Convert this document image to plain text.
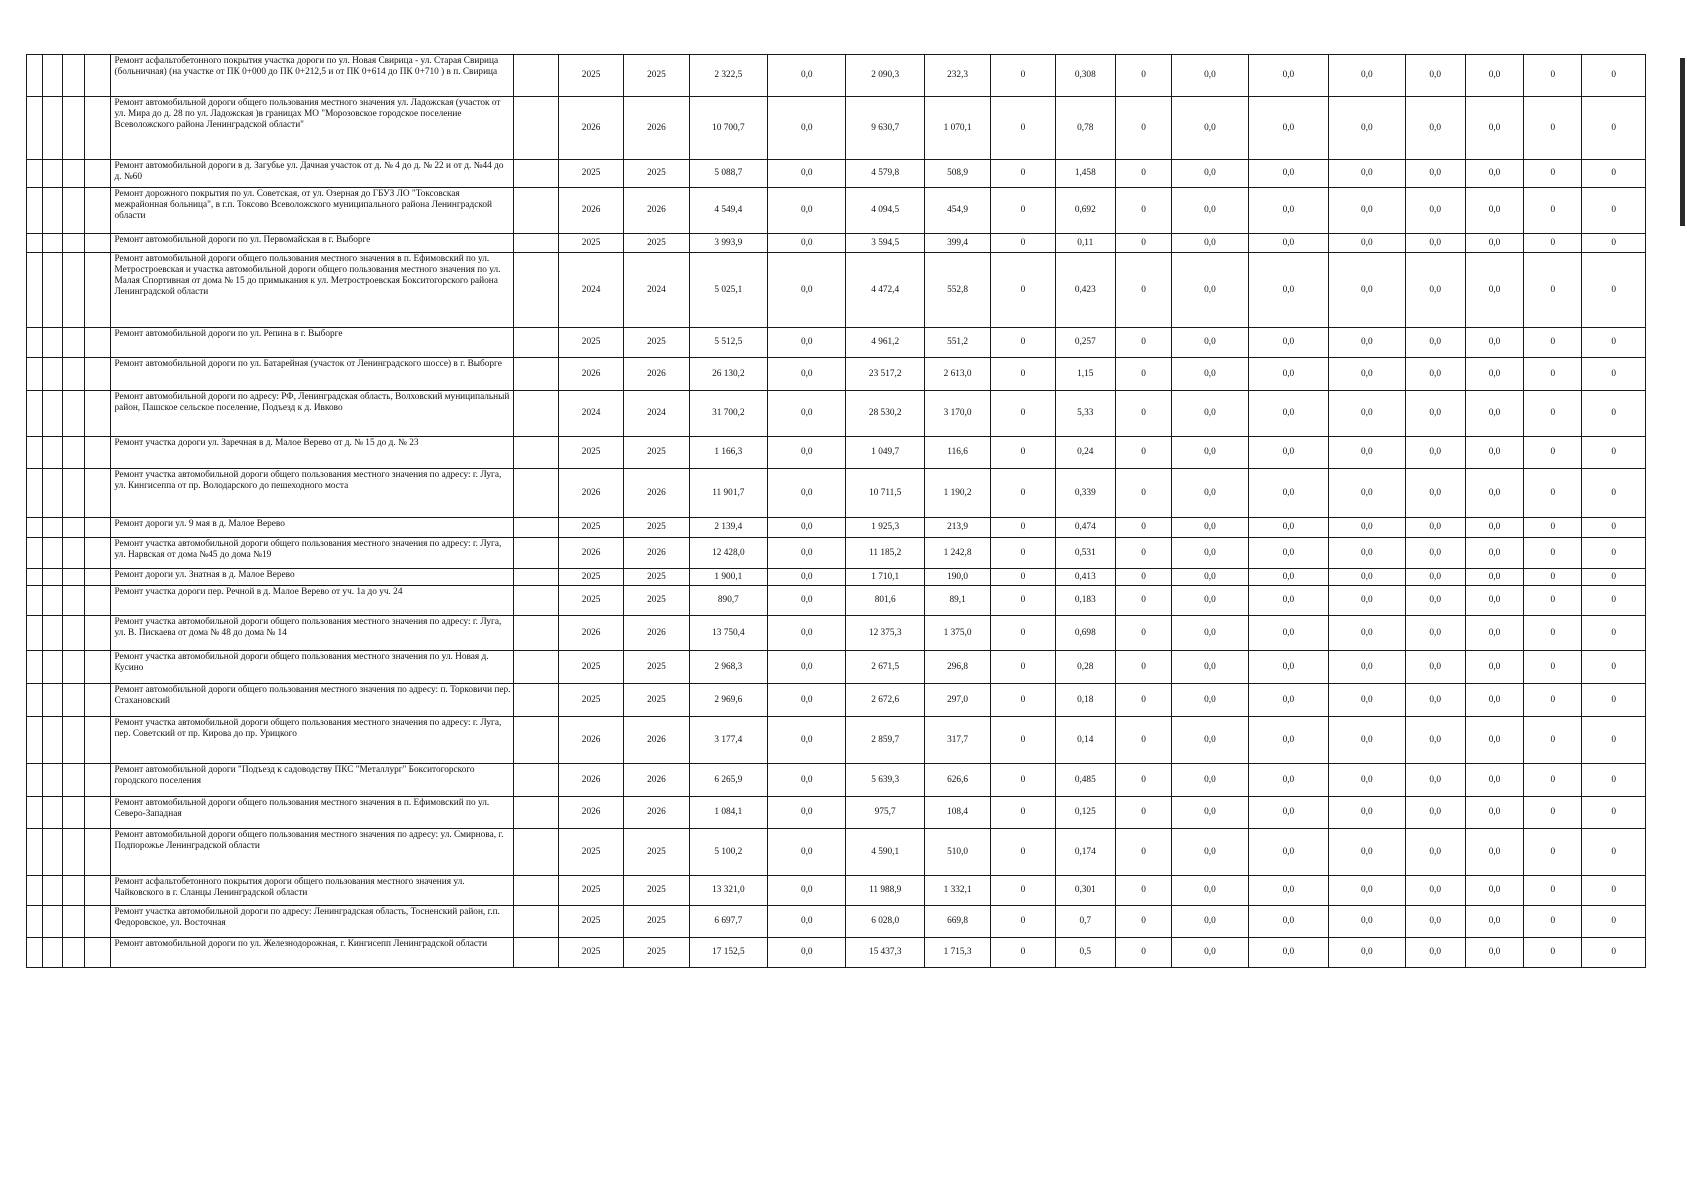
				Ремонт асфальтобетонного покрытия участка дороги по ул. Новая Свирица - ул. Старая Свирица (больничная) (на участке от ПК 0+000 до ПК 0+212,5 и от ПК 0+614 до ПК 0+710 ) в п. Свирица		2025	2025	2 322,5	0,0	2 090,3	232,3	0	0,308	0	0,0	0,0	0,0	0,0	0,0	0	0
				Ремонт автомобильной дороги общего пользования местного значения ул. Ладожская (участок от ул. Мира до д. 28 по ул. Ладожская )в границах МО "Морозовское городское поселение Всеволожского района Ленинградской области"		2026	2026	10 700,7	0,0	9 630,7	1 070,1	0	0,78	0	0,0	0,0	0,0	0,0	0,0	0	0
				Ремонт автомобильной дороги в д. Загубье ул. Дачная участок от д. № 4 до д. № 22 и от д. №44 до д. №60		2025	2025	5 088,7	0,0	4 579,8	508,9	0	1,458	0	0,0	0,0	0,0	0,0	0,0	0	0
				Ремонт дорожного покрытия по ул. Советская, от ул. Озерная до ГБУЗ ЛО "Токсовская межрайонная больница", в г.п. Токсово Всеволожского муниципального района Ленинградской области		2026	2026	4 549,4	0,0	4 094,5	454,9	0	0,692	0	0,0	0,0	0,0	0,0	0,0	0	0
				Ремонт автомобильной дороги по ул. Первомайская в г. Выборге		2025	2025	3 993,9	0,0	3 594,5	399,4	0	0,11	0	0,0	0,0	0,0	0,0	0,0	0	0
				Ремонт автомобильной дороги общего пользования местного значения в п. Ефимовский по ул. Метростроевская и участка автомобильной дороги общего пользования местного значения по ул. Малая Спортивная от дома № 15 до примыкания к ул. Метростроевская Бокситогорского района Ленинградской области		2024	2024	5 025,1	0,0	4 472,4	552,8	0	0,423	0	0,0	0,0	0,0	0,0	0,0	0	0
				Ремонт автомобильной дороги по ул. Репина в г. Выборге		2025	2025	5 512,5	0,0	4 961,2	551,2	0	0,257	0	0,0	0,0	0,0	0,0	0,0	0	0
				Ремонт автомобильной дороги по ул. Батарейная (участок от Ленинградского шоссе) в г. Выборге		2026	2026	26 130,2	0,0	23 517,2	2 613,0	0	1,15	0	0,0	0,0	0,0	0,0	0,0	0	0
				Ремонт автомобильной дороги по адресу: РФ, Ленинградская область, Волховский муниципальный район, Пашское сельское поселение, Подъезд к д. Ивково		2024	2024	31 700,2	0,0	28 530,2	3 170,0	0	5,33	0	0,0	0,0	0,0	0,0	0,0	0	0
				Ремонт участка дороги ул. Заречная в д. Малое Верево от д. № 15 до д. № 23		2025	2025	1 166,3	0,0	1 049,7	116,6	0	0,24	0	0,0	0,0	0,0	0,0	0,0	0	0
				Ремонт участка автомобильной дороги общего пользования местного значения по адресу: г. Луга, ул. Кингисеппа от пр. Володарского до пешеходного моста		2026	2026	11 901,7	0,0	10 711,5	1 190,2	0	0,339	0	0,0	0,0	0,0	0,0	0,0	0	0
				Ремонт дороги ул. 9 мая в д. Малое Верево		2025	2025	2 139,4	0,0	1 925,3	213,9	0	0,474	0	0,0	0,0	0,0	0,0	0,0	0	0
				Ремонт участка автомобильной дороги общего пользования местного значения по адресу: г. Луга, ул. Нарвская от дома №45 до дома №19		2026	2026	12 428,0	0,0	11 185,2	1 242,8	0	0,531	0	0,0	0,0	0,0	0,0	0,0	0	0
				Ремонт дороги ул. Знатная в д. Малое Верево		2025	2025	1 900,1	0,0	1 710,1	190,0	0	0,413	0	0,0	0,0	0,0	0,0	0,0	0	0
				Ремонт участка дороги пер. Речной в д. Малое Верево от уч. 1а до уч. 24		2025	2025	890,7	0,0	801,6	89,1	0	0,183	0	0,0	0,0	0,0	0,0	0,0	0	0
				Ремонт участка автомобильной дороги общего пользования местного значения по адресу: г. Луга, ул. В. Пискаева от дома № 48 до дома № 14		2026	2026	13 750,4	0,0	12 375,3	1 375,0	0	0,698	0	0,0	0,0	0,0	0,0	0,0	0	0
				Ремонт участка автомобильной дороги общего пользования местного значения по ул. Новая д. Кусино		2025	2025	2 968,3	0,0	2 671,5	296,8	0	0,28	0	0,0	0,0	0,0	0,0	0,0	0	0
				Ремонт автомобильной дороги общего пользования местного значения по адресу: п. Торковичи пер. Стахановский		2025	2025	2 969,6	0,0	2 672,6	297,0	0	0,18	0	0,0	0,0	0,0	0,0	0,0	0	0
				Ремонт участка автомобильной дороги общего пользования местного значения по адресу: г. Луга, пер. Советский от пр. Кирова до пр. Урицкого		2026	2026	3 177,4	0,0	2 859,7	317,7	0	0,14	0	0,0	0,0	0,0	0,0	0,0	0	0
				Ремонт автомобильной дороги "Подъезд к садоводству ПКС "Металлург" Бокситогорского городского поселения		2026	2026	6 265,9	0,0	5 639,3	626,6	0	0,485	0	0,0	0,0	0,0	0,0	0,0	0	0
				Ремонт автомобильной дороги общего пользования местного значения в п. Ефимовский по ул. Северо-Западная		2026	2026	1 084,1	0,0	975,7	108,4	0	0,125	0	0,0	0,0	0,0	0,0	0,0	0	0
				Ремонт автомобильной дороги общего пользования местного значения по адресу: ул. Смирнова, г. Подпорожье Ленинградской области		2025	2025	5 100,2	0,0	4 590,1	510,0	0	0,174	0	0,0	0,0	0,0	0,0	0,0	0	0
				Ремонт асфальтобетонного покрытия дороги общего пользования местного значения ул. Чайковского в г. Сланцы Ленинградской области		2025	2025	13 321,0	0,0	11 988,9	1 332,1	0	0,301	0	0,0	0,0	0,0	0,0	0,0	0	0
				Ремонт участка автомобильной дороги по адресу: Ленинградская область, Тосненский район, г.п. Федоровское, ул. Восточная		2025	2025	6 697,7	0,0	6 028,0	669,8	0	0,7	0	0,0	0,0	0,0	0,0	0,0	0	0
				Ремонт автомобильной дороги по ул. Железнодорожная, г. Кингисепп Ленинградской области		2025	2025	17 152,5	0,0	15 437,3	1 715,3	0	0,5	0	0,0	0,0	0,0	0,0	0,0	0	0
